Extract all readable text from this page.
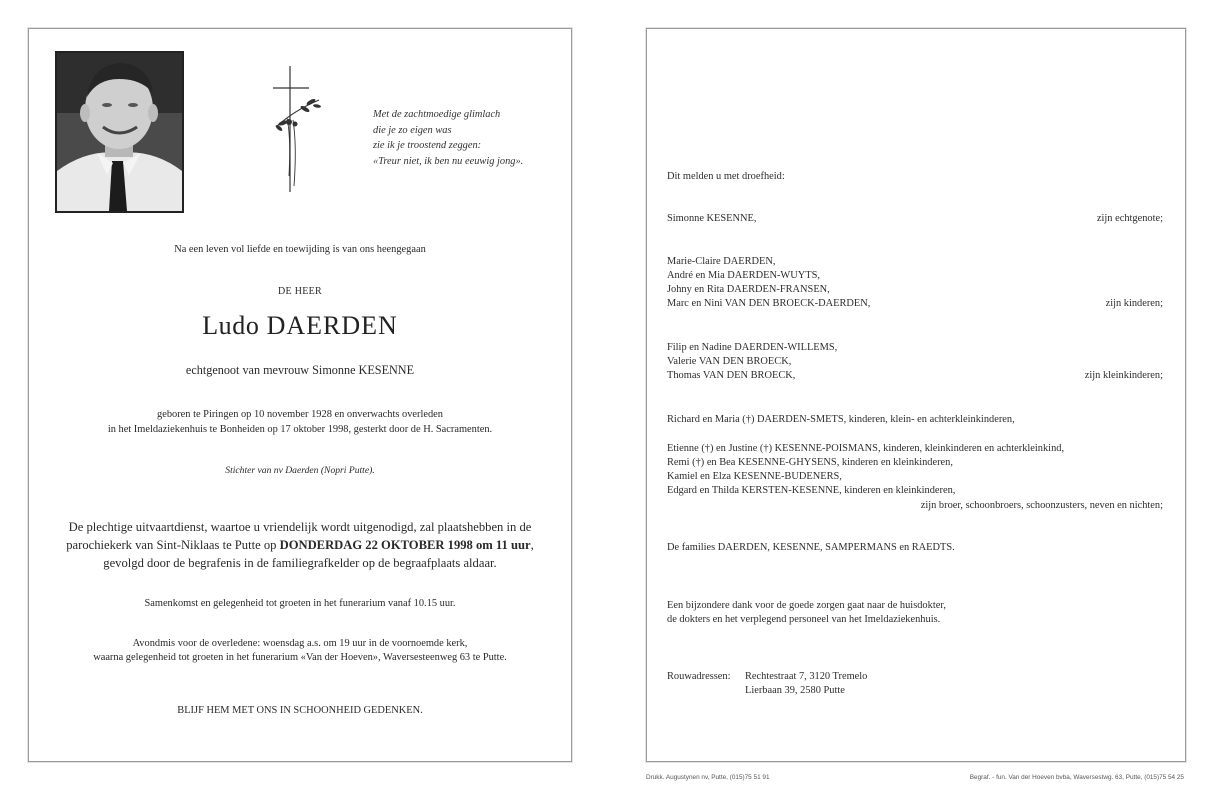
Met de zachtmoedige glimlach
die je zo eigen was
zie ik je troostend zeggen:
«Treur niet, ik ben nu eeuwig jong».
Na een leven vol liefde en toewijding is van ons heengegaan
DE HEER
Ludo DAERDEN
echtgenoot van mevrouw Simonne KESENNE
geboren te Piringen op 10 november 1928 en onverwachts overleden
in het Imeldaziekenhuis te Bonheiden op 17 oktober 1998, gesterkt door de H. Sacramenten.
Stichter van nv Daerden (Nopri Putte).
De plechtige uitvaartdienst, waartoe u vriendelijk wordt uitgenodigd, zal plaatshebben in de
parochiekerk van Sint-Niklaas te Putte op DONDERDAG 22 OKTOBER 1998 om 11 uur,
gevolgd door de begrafenis in de familiegrafkelder op de begraafplaats aldaar.
Samenkomst en gelegenheid tot groeten in het funerarium vanaf 10.15 uur.
Avondmis voor de overledene: woensdag a.s. om 19 uur in de voornoemde kerk,
waarna gelegenheid tot groeten in het funerarium «Van der Hoeven», Waversesteenweg 63 te Putte.
BLIJF HEM MET ONS IN SCHOONHEID GEDENKEN.
Dit melden u met droefheid:
Simonne KESENNE,	zijn echtgenote;
Marie-Claire DAERDEN,
André en Mia DAERDEN-WUYTS,
Johny en Rita DAERDEN-FRANSEN,
Marc en Nini VAN DEN BROECK-DAERDEN,	zijn kinderen;
Filip en Nadine DAERDEN-WILLEMS,
Valerie VAN DEN BROECK,
Thomas VAN DEN BROECK,	zijn kleinkinderen;
Richard en Maria (†) DAERDEN-SMETS, kinderen, klein- en achterkleinkinderen,
Etienne (†) en Justine (†) KESENNE-POISMANS, kinderen, kleinkinderen en achterkleinkind,
Remi (†) en Bea KESENNE-GHYSENS, kinderen en kleinkinderen,
Kamiel en Elza KESENNE-BUDENERS,
Edgard en Thilda KERSTEN-KESENNE, kinderen en kleinkinderen,
zijn broer, schoonbroers, schoonzusters, neven en nichten;
De families DAERDEN, KESENNE, SAMPERMANS en RAEDTS.
Een bijzondere dank voor de goede zorgen gaat naar de huisdokter,
de dokters en het verplegend personeel van het Imeldaziekenhuis.
Rouwadressen: Rechtestraat 7, 3120 Tremelo
Lierbaan 39, 2580 Putte
Drukk. Augustynen nv, Putte, (015)75 51 91	Begraf. - fun. Van der Hoeven bvba, Waversestwg. 63, Putte, (015)75 54 25
